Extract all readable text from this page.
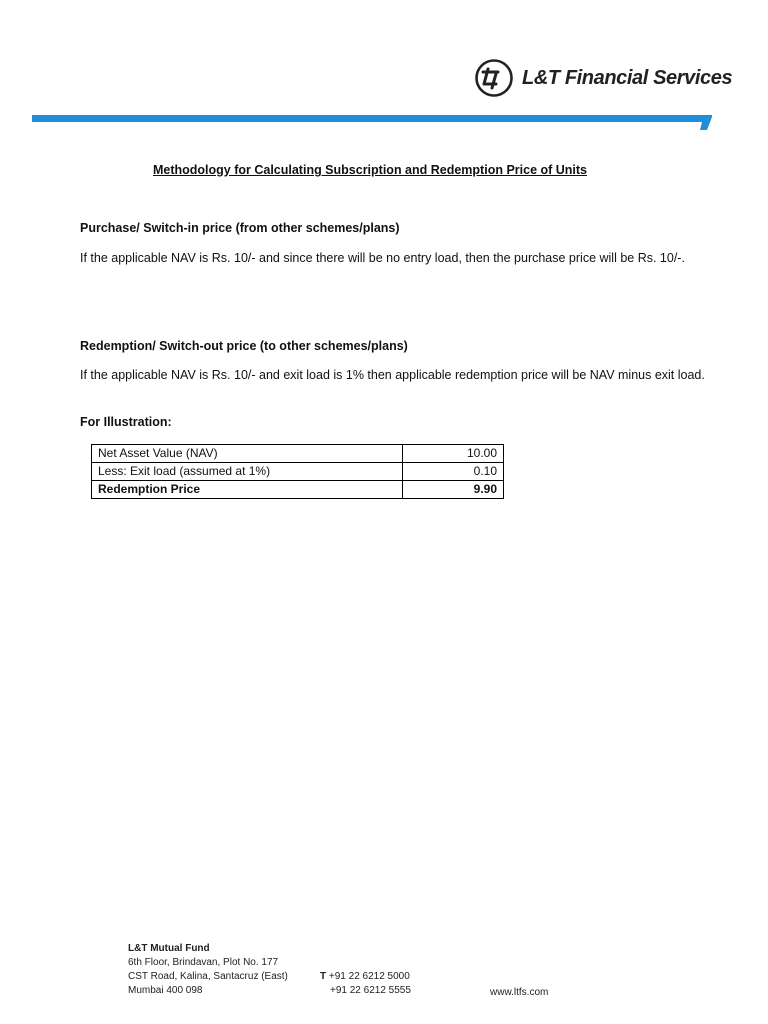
L&T Financial Services
Methodology for Calculating Subscription and Redemption Price of Units
Purchase/ Switch-in price (from other schemes/plans)
If the applicable NAV is Rs. 10/- and since there will be no entry load, then the purchase price will be Rs. 10/-.
Redemption/ Switch-out price (to other schemes/plans)
If the applicable NAV is Rs. 10/- and exit load is 1% then applicable redemption price will be NAV minus exit load.
For Illustration:
Net Asset Value (NAV)	10.00
Less: Exit load (assumed at 1%)	0.10
Redemption Price	9.90
L&T Mutual Fund
6th Floor, Brindavan, Plot No. 177
CST Road, Kalina, Santacruz (East)
Mumbai 400 098
T +91 22 6212 5000
+91 22 6212 5555	www.ltfs.com
